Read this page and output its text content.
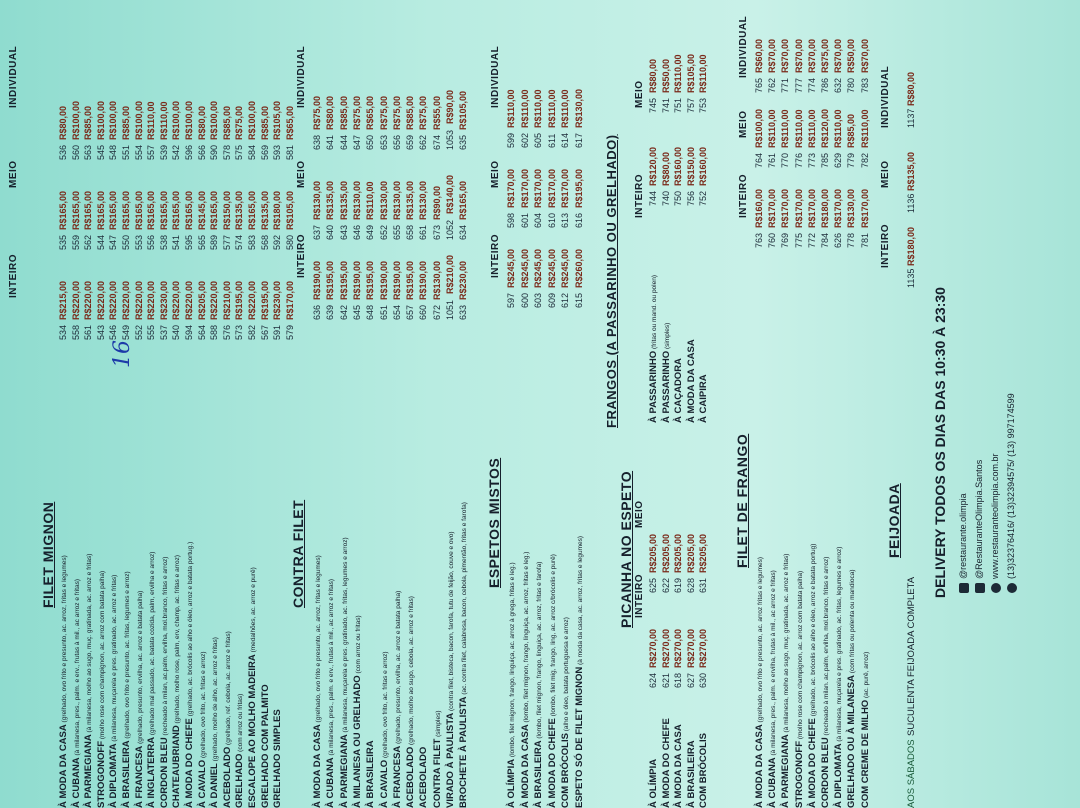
16
FILET MIGNON
INTEIRO
MEIO
INDIVIDUAL
À MODA DA CASA (grelhado, ovo frito e presunto, ac. arroz, fritas e legumes)
534
R$215,00
535
R$165,00
536
R$80,00
À CUBANA (à milanesa, pres., palm. e erv., frutas à mil., ac arroz e fritas)
558
R$220,00
559
R$165,00
560
R$100,00
À PARMEGIANA (à milanesa, molho ao sugo, muç. gratinada, ac. arroz e fritas)
561
R$220,00
562
R$165,00
563
R$85,00
STROGONOFF (molho rose com champignon, ac. arroz com batata palha)
543
R$220,00
544
R$165,00
545
R$100,00
À DIPLOMATA (à milanesa, muçarela e pres. gratinado, ac. arroz e fritas)
546
R$220,00
547
R$165,00
548
R$100,00
À BRASILEIRA (grelhado, ovo frito e presunto, ac. fritas, legumes e arroz)
549
R$220,00
550
R$165,00
551
R$85,00
À FRANCESA (grelhado, presunto, ervilha, ac. arroz e batata palha)
552
R$220,00
553
R$165,00
554
R$100,00
À INGLATERRA (grelhado mal passado, ac. batata cozida, palm, ervilha e arroz)
555
R$220,00
556
R$165,00
557
R$110,00
CORDON BLEU (recheado à milan, ac.palm, ervilha, mol.branco, fritas e arroz)
537
R$230,00
538
R$165,00
539
R$110,00
CHATEAUBRIAND (grelhado, molho rose, palm, erv, champ, ac. fritas e arroz)
540
R$220,00
541
R$165,00
542
R$100,00
À MODA DO CHEFE (grelhado, ac. brócolis ao alho e óleo, arroz e batata portug.)
594
R$220,00
595
R$165,00
596
R$100,00
À CAVALO (grelhado, ovo frito, ac. fritas e arroz)
564
R$205,00
565
R$145,00
566
R$80,00
À DANIEL (grelhado, molho de alho, ac. arroz e fritas)
588
R$220,00
589
R$165,00
590
R$100,00
ACEBOLADO (grelhado, ref. cebola, ac. arroz e fritas)
576
R$210,00
577
R$150,00
578
R$85,00
GRELHADO (com arroz ou fritas)
573
R$195,00
574
R$135,00
575
R$75,00
ESCALOPE AO MOLHO MADEIRA (medalhões, ac. arroz e purê)
582
R$220,00
583
R$165,00
584
R$100,00
GRELHADO COM PALMITO
567
R$195,00
568
R$135,00
569
R$85,00
GRELHADO SIMPLES
591
R$230,00
592
R$180,00
593
R$105,00
579
R$170,00
580
R$105,00
581
R$65,00
CONTRA FILET
INTEIRO
MEIO
INDIVIDUAL
À MODA DA CASA (grelhado, ovo frito e presunto, ac. arroz, fritas e legumes)
636
R$190,00
637
R$130,00
638
R$75,00
À CUBANA (à milanesa, pres., palm. e erv., frutas à mil., ac arroz e fritas)
639
R$195,00
640
R$135,00
641
R$80,00
À PARMEGIANA (à milanesa, muçarela e pres. gratinado, ac. fritas, legumes e arroz)
642
R$195,00
643
R$135,00
644
R$85,00
À MILANESA OU GRELHADO (com arroz ou fritas)
645
R$190,00
646
R$130,00
647
R$75,00
À BRASILEIRA
648
R$195,00
649
R$110,00
650
R$65,00
À CAVALO (grelhado, ovo frito, ac. fritas e arroz)
651
R$190,00
652
R$130,00
653
R$75,00
À FRANCESA (grelhado, presunto, ervilha, ac. arroz e batata palha)
654
R$190,00
655
R$130,00
656
R$75,00
ACEBOLADO (grelhado, molho ao sugo, cebola, ac. arroz e fritas)
657
R$195,00
658
R$135,00
659
R$85,00
ACEBOLADO
660
R$190,00
661
R$130,00
662
R$75,00
CONTRA FILET (simples)
672
R$130,00
673
R$90,00
674
R$55,00
VIRADO À PAULISTA (contra filet, bisteca, bacon, farofa, tutu de feijão, couve e ovo)
1051
R$210,00
1052
R$140,00
1053
R$90,00
BROCHETE À PAULISTA (ac. contra filet, calabresa, bacon, cebola, pimentão, fritas e farofa)
633
R$230,00
634
R$165,00
635
R$105,00
ESPETOS MISTOS
INTEIRO
MEIO
INDIVIDUAL
À OLÍMPIA (lombo, filet mignon, frango, linguiça, ac. arroz à grega, fritas e leg.)
597
R$245,00
598
R$170,00
599
R$110,00
À MODA DA CASA (lombo, filet mignon, frango, linguiça, ac. arroz, fritas e leg.)
600
R$245,00
601
R$170,00
602
R$110,00
À BRASILEIRA (lombo, filet mignon, frango, linguiça, ac. arroz, fritas e farofa)
603
R$245,00
604
R$170,00
605
R$110,00
À MODA DO CHEFE (lombo, filet mig, frango, ling, ac. arroz c/brócolis e purê)
609
R$245,00
610
R$170,00
611
R$110,00
COM BRÓCOLIS (alho e óleo, batata portuguesa e arroz)
612
R$245,00
613
R$170,00
614
R$110,00
ESPETO SÓ DE FILET MIGNON (à moda da casa, ac. arroz, fritas e legumes)
615
R$260,00
616
R$195,00
617
R$130,00
PICANHA NO ESPETO INTEIRO
MEIO
À OLÍMPIA
624
R$270,00
625
R$205,00
À MODA DO CHEFE
621
R$270,00
622
R$205,00
À MODA DA CASA
618
R$270,00
619
R$205,00
À BRASILEIRA
627
R$270,00
628
R$205,00
COM BRÓCOLIS
630
R$270,00
631
R$205,00
FRANGOS (A PASSARINHO OU GRELHADO) INTEIRO
MEIO
À PASSARINHO (fritas ou mand. ou polen)
744
R$120,00
745
R$80,00
À PASSARINHO (simples)
740
R$80,00
741
R$50,00
À CAÇADORA
750
R$160,00
751
R$110,00
À MODA DA CASA
756
R$150,00
757
R$105,00
À CAIPIRA
752
R$160,00
753
R$110,00
FILET DE FRANGO
INTEIRO
MEIO
INDIVIDUAL
À MODA DA CASA (grelhado, ovo frito e presunto, ac. arroz fritas e legumes)
763
R$160,00
764
R$100,00
765
R$60,00
À CUBANA (à milanesa, pres., palm. e ervilha, frutas à mil., ac arroz e fritas)
760
R$170,00
761
R$110,00
762
R$70,00
À PARMEGIANA (à milanesa, molho ao sugo, muç. gratinada, ac. arroz e fritas)
769
R$170,00
770
R$110,00
771
R$70,00
STROGONOFF (molho rose com champignon, ac. arroz com batata palha)
775
R$170,00
776
R$110,00
777
R$70,00
À MODA DO CHEFE (grelhado, ac. brócolis ao alho e óleo, arroz e batata portug)
772
R$170,00
773
R$110,00
774
R$70,00
CORDON BLEU (recheado à milan. ac.palm, ervilha, mol.branco, fritas e arroz)
784
R$180,00
785
R$120,00
786
R$75,00
À DIPLOMATA (à milanesa, muçarela e pres. gratinado, ac. fritas, legumes e arroz)
626
R$170,00
629
R$110,00
632
R$70,00
GRELHADO OU À MILANESA (com fritas ou polenta ou mandioca)
778
R$130,00
779
R$85,00
780
R$50,00
COM CREME DE MILHO (ac. purê, arroz)
781
R$170,00
782
R$110,00
783
R$70,00
FEIJOADA
INTEIRO
MEIO
INDIVIDUAL
AOS SÁBADOS
SUCULENTA FEIJOADA COMPLETA
1135
R$180,00
1136
R$135,00
1137
R$80,00
DELIVERY TODOS OS DIAS DAS 10:30 À 23:30 @restaurante.olimpia @RestauranteOlimpia.Santos www.restauranteolimpia.com.br (13)32376416/ (13)32394575/ (13) 997174599
